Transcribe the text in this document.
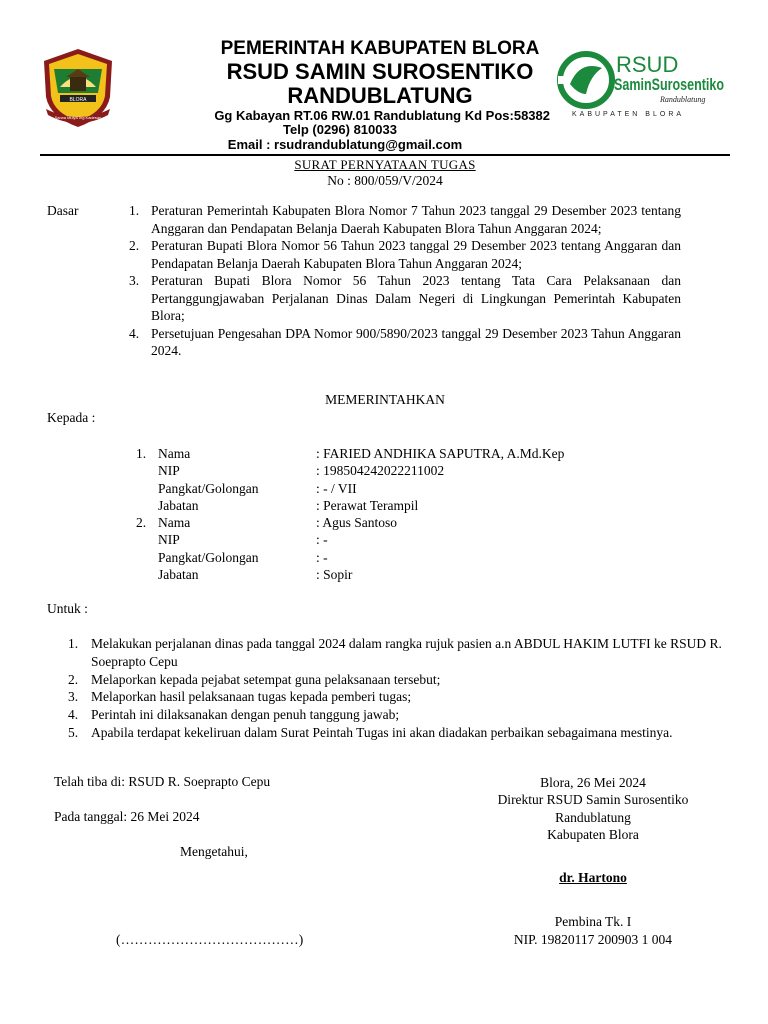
BLORA
Sarwa Mulya Ing Kadesan
PEMERINTAH KABUPATEN BLORA
RSUD SAMIN SUROSENTIKO
RANDUBLATUNG
Gg Kabayan RT.06 RW.01 Randublatung Kd Pos:58382
Telp (0296) 810033
Email : rsudrandublatung@gmail.com
RSUD
SaminSurosentiko
Randublatung
KABUPATEN BLORA
SURAT PERNYATAAN TUGAS
No : 800/059/V/2024
Dasar	1. Peraturan Pemerintah Kabupaten Blora Nomor 7 Tahun 2023 tanggal 29 Desember 2023 tentang Anggaran dan Pendapatan Belanja Daerah Kabupaten Blora Tahun Anggaran 2024;
2. Peraturan Bupati Blora Nomor 56 Tahun 2023 tanggal 29 Desember 2023 tentang Anggaran dan Pendapatan Belanja Daerah Kabupaten Blora Tahun Anggaran 2024;
3. Peraturan Bupati Blora Nomor 56 Tahun 2023 tentang Tata Cara Pelaksanaan dan Pertanggungjawaban Perjalanan Dinas Dalam Negeri di Lingkungan Pemerintah Kabupaten Blora;
4. Persetujuan Pengesahan DPA Nomor 900/5890/2023 tanggal 29 Desember 2023 Tahun Anggaran 2024.
MEMERINTAHKAN
Kepada :
1. Nama	: FARIED ANDHIKA SAPUTRA, A.Md.Kep
NIP	: 198504242022211002
Pangkat/Golongan	: - / VII
Jabatan	: Perawat Terampil
2. Nama	: Agus Santoso
NIP	: -
Pangkat/Golongan	: -
Jabatan	: Sopir
Untuk :
1. Melakukan perjalanan dinas pada tanggal 2024 dalam rangka rujuk pasien a.n ABDUL HAKIM LUTFI ke RSUD R. Soeprapto Cepu
2. Melaporkan kepada pejabat setempat guna pelaksanaan tersebut;
3. Melaporkan hasil pelaksanaan tugas kepada pemberi tugas;
4. Perintah ini dilaksanakan dengan penuh tanggung jawab;
5. Apabila terdapat kekeliruan dalam Surat Peintah Tugas ini akan diadakan perbaikan sebagaimana mestinya.
Telah tiba di: RSUD R. Soeprapto Cepu
Pada tanggal: 26 Mei 2024
Mengetahui,
(…………………………………)
Blora, 26 Mei 2024
Direktur RSUD Samin Surosentiko
Randublatung
Kabupaten Blora
dr. Hartono
Pembina Tk. I
NIP. 19820117 200903 1 004
